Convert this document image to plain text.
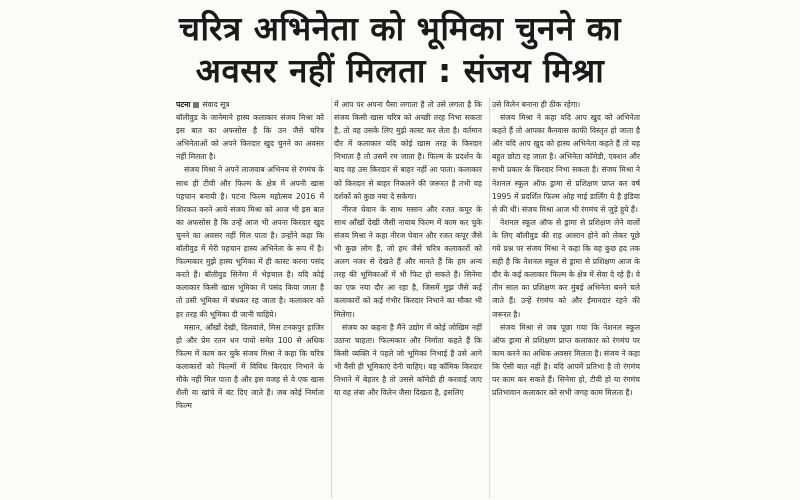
चरित्र अभिनेता को भूमिका चुनने का
अवसर नहीं मिलता : संजय मिश्रा

पटना संवाद सूत्र
बॉलीवुड के जानेमाने हास्य कलाकार संजय मिश्रा को इस बात का अफसोस है कि उन जैसे चरित्र अभिनेताओं को अपने किरदार खुद चुनने का अवसर नहीं मिलता है।

संजय मिश्रा ने अपने लाजवाब अभिनय से रंगमंच के साथ ही टीवी और फिल्म के क्षेत्र में अपनी खास पहचान बनायी है। पटना फिल्म महोत्सव 2016 में शिरकत करने आये संजय मिश्रा को आज भी इस बात का अफसोस है कि उन्हें आज भी अपना किरदार खुद चुनने का अवसर नहीं मिल पाता है। उन्होंने कहा कि बॉलीवुड में मेरी पहचान हास्य अभिनेता के रूप में है। फिल्मकार मुझे हास्य भूमिका में ही कास्ट करना पसंद करते हैं। बॉलीवुड सिनेमा में भेड़चाल है। यदि कोई कलाकार किसी खास भूमिका में पसंद किया जाता है तो उसी भूमिका में बंधकर रह जाता है। कलाकार को हर तरह की भूमिका दी जानी चाहिये।

मसान, आँखों देखी, दिलवाले, मिस टनकपुर हाजिर हो और प्रेम रतन धन पायो समेत 100 से अधिक फिल्म में काम कर चुके संजय मिश्रा ने कहा कि चरित्र कलाकारों को फिल्मों में विविध किरदार निभाने के मौके नहीं मिल पाता है और इस वजह से वे एक खास शैली या खांचे में बंट दिए जाते हैं। जब कोई निर्माता फिल्म

में आप पर अपना पैसा लगाता है तो उसे लगता है कि संजय किसी खास चरित्र को अच्छी तरह निभा सकता है, तो वह उसके लिए मुझे कास्ट कर लेता है। वर्तमान दौर में कलाकार यदि कोई खास तरह के किरदार निभाता है तो उसमें रम जाता है। फिल्म के प्रदर्शन के बाद वह उस किरदार से बाहर नहीं आ पाता। कलाकार को किरदार से बाहर निकलने की जरूरत है तभी वह दर्शकों को कुछ नया दे सकेगा।

नीरज घेवान के साथ मसान और रजत कपूर के साथ आँखों देखी जैसी नायाब फिल्म में काम कर चुके संजय मिश्रा ने कहा नीरज घेवान और रजत कपूर जैसे भी कुछ लोग हैं, जो हम जैसे चरित्र कलाकारों को अलग नजर से देखते हैं और मानते हैं कि हम अन्य तरह की भूमिकाओं में भी फिट हो सकते हैं। सिनेमा का एक नया दौर आ रहा है, जिसमें मुझ जैसे कई कलाकारों को कई गंभीर किरदार निभाने का मौका भी मिलेगा।

संजय का कहना है मैंने उद्योग में कोई जोखिम नहीं उठाना चाहता। फिल्मकार और निर्माता कहते हैं कि किसी व्यक्ति ने पहले जो भूमिका निभाई है उसे आगे भी वैसी ही भूमिकाएं देनी चाहिए। वह कॉमिक किरदार निभाने में बेहतर है तो उससे कॉमेडी ही करवाई जाए या वह लंबा और विलेन जैसा दिखता है, इसलिए

उसे विलेन बनाना ही ठीक रहेगा।

संजय मिश्रा ने कहा यदि आप खुद को अभिनेता कहते हैं तो आपका कैनवास काफी विस्तृत हो जाता है और यदि आप खुद को हास्य अभिनेता कहते हैं तो यह बहुत छोटा रह जाता है। अभिनेता कॉमेडी, एक्शन और सभी प्रकार के किरदार निभा सकता है। संजय मिश्रा ने नेशनल स्कूल ऑफ ड्रामा से प्रशिक्षण प्राप्त कर वर्ष 1995 में प्रदर्शित फिल्म ओह माई डार्लिंग ये है इंडिया से की थी। संजय मिश्रा आज भी रंगमंच से जुड़े हुये हैं।

नेशनल स्कूल ऑफ से ड्रामा से प्रशिक्षण लेने वालों के लिए बॉलीवुड की राह आसान होने को लेकर पूछे गये प्रश्न पर संजय मिश्रा ने कहा कि यह कुछ हद तक सही है कि नेशनल स्कूल से ड्रामा से प्रशिक्षण आज के दौर के कई कलाकार फिल्म के क्षेत्र में सेवा दे रहे हैं। वे तीन साल का प्रशिक्षण कर मुंबई अभिनेता बनने चले जाते हैं। उन्हें रंगमंच को और ईमानदार रहने की जरूरत है।

संजय मिश्रा से जब पूछा गया कि नेशनल स्कूल ऑफ ड्रामा से प्रशिक्षण प्राप्त कलाकार को रंगमंच पर काम करने का अधिक अवसर मिलता है। संजय ने कहा कि ऐसी बात नहीं है। यदि आपमें प्रतिभा है तो रंगमंच पर काम कर सकते हैं। सिनेमा हो, टीवी हो या रंगमंच प्रतिभावान कलाकार को सभी जगह काम मिलता है।
